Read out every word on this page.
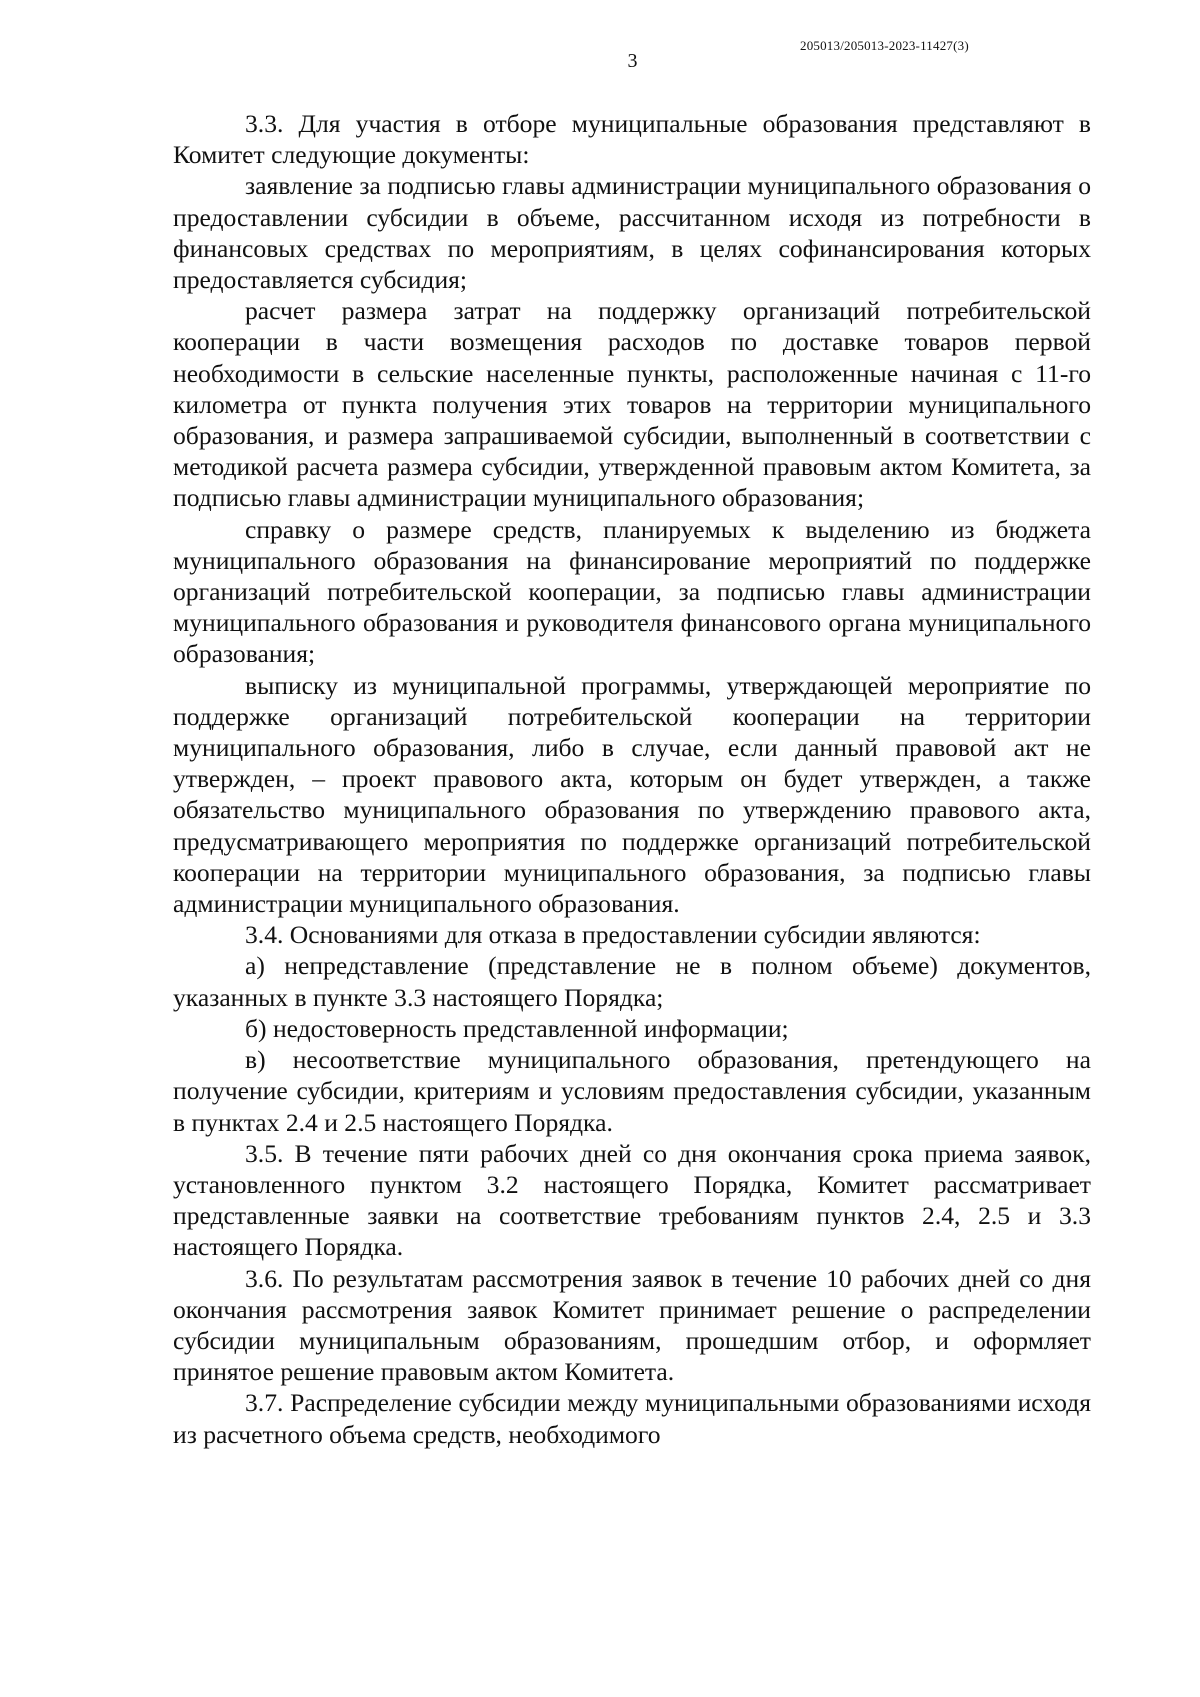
205013/205013-2023-11427(3)
3

3.3. Для участия в отборе муниципальные образования представляют в Комитет следующие документы:

заявление за подписью главы администрации муниципального образования о предоставлении субсидии в объеме, рассчитанном исходя из потребности в финансовых средствах по мероприятиям, в целях софинансирования которых предоставляется субсидия;

расчет размера затрат на поддержку организаций потребительской кооперации в части возмещения расходов по доставке товаров первой необходимости в сельские населенные пункты, расположенные начиная с 11-го километра от пункта получения этих товаров на территории муниципального образования, и размера запрашиваемой субсидии, выполненный в соответствии с методикой расчета размера субсидии, утвержденной правовым актом Комитета, за подписью главы администрации муниципального образования;

справку о размере средств, планируемых к выделению из бюджета муниципального образования на финансирование мероприятий по поддержке организаций потребительской кооперации, за подписью главы администрации муниципального образования и руководителя финансового органа муниципального образования;

выписку из муниципальной программы, утверждающей мероприятие по поддержке организаций потребительской кооперации на территории муниципального образования, либо в случае, если данный правовой акт не утвержден, – проект правового акта, которым он будет утвержден, а также обязательство муниципального образования по утверждению правового акта, предусматривающего мероприятия по поддержке организаций потребительской кооперации на территории муниципального образования, за подписью главы администрации муниципального образования.

3.4. Основаниями для отказа в предоставлении субсидии являются:

а) непредставление (представление не в полном объеме) документов, указанных в пункте 3.3 настоящего Порядка;

б) недостоверность представленной информации;

в) несоответствие муниципального образования, претендующего на получение субсидии, критериям и условиям предоставления субсидии, указанным в пунктах 2.4 и 2.5 настоящего Порядка.

3.5. В течение пяти рабочих дней со дня окончания срока приема заявок, установленного пунктом 3.2 настоящего Порядка, Комитет рассматривает представленные заявки на соответствие требованиям пунктов 2.4, 2.5 и 3.3 настоящего Порядка.

3.6. По результатам рассмотрения заявок в течение 10 рабочих дней со дня окончания рассмотрения заявок Комитет принимает решение о распределении субсидии муниципальным образованиям, прошедшим отбор, и оформляет принятое решение правовым актом Комитета.

3.7. Распределение субсидии между муниципальными образованиями исходя из расчетного объема средств, необходимого
